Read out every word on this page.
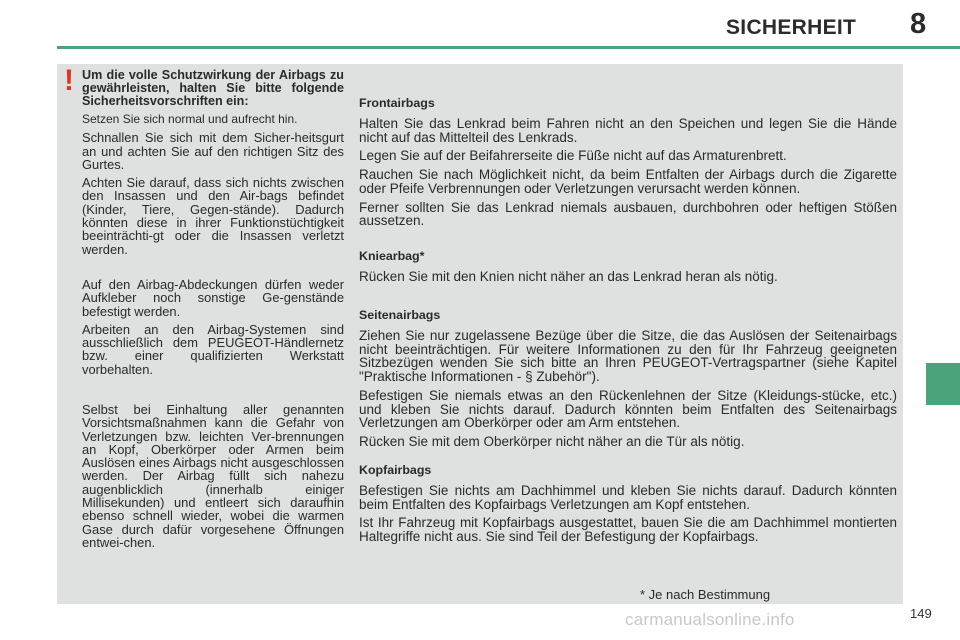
SICHERHEIT 8
! Um die volle Schutzwirkung der Airbags zu gewährleisten, halten Sie bitte folgende Sicherheitsvorschriften ein:

Setzen Sie sich normal und aufrecht hin.

Schnallen Sie sich mit dem Sicher-heitsgurt an und achten Sie auf den richtigen Sitz des Gurtes.

Achten Sie darauf, dass sich nichts zwischen den Insassen und den Air-bags befindet (Kinder, Tiere, Gegen-stände). Dadurch könnten diese in ihrer Funktionstüchtigkeit beeinträchti-gt oder die Insassen verletzt werden.

Auf den Airbag-Abdeckungen dürfen weder Aufkleber noch sonstige Ge-genstände befestigt werden.

Arbeiten an den Airbag-Systemen sind ausschließlich dem PEUGEOT-Händlernetz bzw. einer qualifizierten Werkstatt vorbehalten.

Selbst bei Einhaltung aller genannten Vorsichtsmaßnahmen kann die Gefahr von Verletzungen bzw. leichten Ver-brennungen an Kopf, Oberkörper oder Armen beim Auslösen eines Airbags nicht ausgeschlossen werden. Der Airbag füllt sich nahezu augenblicklich (innerhalb einiger Millisekunden) und entleert sich daraufhin ebenso schnell wieder, wobei die warmen Gase durch dafür vorgesehene Öffnungen entwei-chen.

Frontairbags

Halten Sie das Lenkrad beim Fahren nicht an den Speichen und legen Sie die Hände nicht auf das Mittelteil des Lenkrads.

Legen Sie auf der Beifahrerseite die Füße nicht auf das Armaturenbrett.

Rauchen Sie nach Möglichkeit nicht, da beim Entfalten der Airbags durch die Zigarette oder Pfeife Verbrennungen oder Verletzungen verursacht werden können.

Ferner sollten Sie das Lenkrad niemals ausbauen, durchbohren oder heftigen Stößen aussetzen.

Kniearbag*

Rücken Sie mit den Knien nicht näher an das Lenkrad heran als nötig.

Seitenairbags

Ziehen Sie nur zugelassene Bezüge über die Sitze, die das Auslösen der Seitenairbags nicht beeinträchtigen. Für weitere Informationen zu den für Ihr Fahrzeug geeigneten Sitzbezügen wenden Sie sich bitte an Ihren PEUGEOT-Vertragspartner (siehe Kapitel "Praktische Informationen - § Zubehör").

Befestigen Sie niemals etwas an den Rückenlehnen der Sitze (Kleidungs-stücke, etc.) und kleben Sie nichts darauf. Dadurch könnten beim Entfalten des Seitenairbags Verletzungen am Oberkörper oder am Arm entstehen.

Rücken Sie mit dem Oberkörper nicht näher an die Tür als nötig.

Kopfairbags

Befestigen Sie nichts am Dachhimmel und kleben Sie nichts darauf. Dadurch könnten beim Entfalten des Kopfairbags Verletzungen am Kopf entstehen.

Ist Ihr Fahrzeug mit Kopfairbags ausgestattet, bauen Sie die am Dachhimmel montierten Haltegriffe nicht aus. Sie sind Teil der Befestigung der Kopfairbags.

* Je nach Bestimmung
149
carmanualsonline.info
